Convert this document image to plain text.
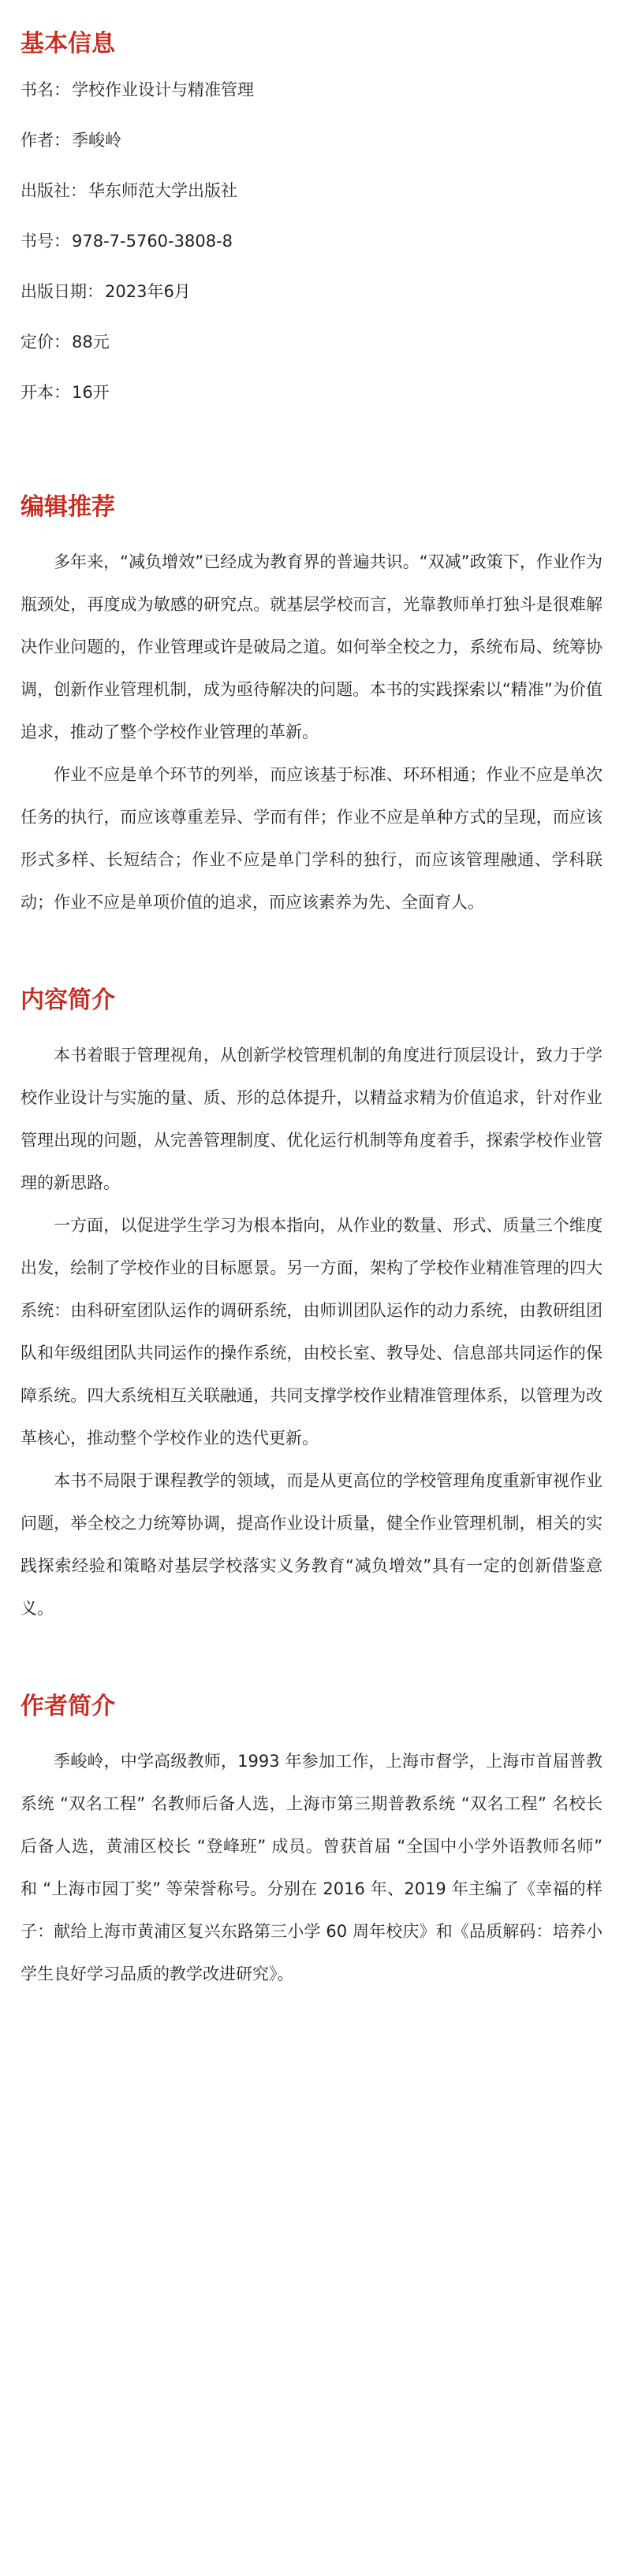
基本信息
书名：学校作业设计与精准管理
作者：季峻岭
出版社：华东师范大学出版社
书号：978-7-5760-3808-8
出版日期：2023年6月
定价：88元
开本：16开
编辑推荐

多年来，“减负增效”已经成为教育界的普遍共识。“双减”政策下，作业作为瓶颈处，再度成为敏感的研究点。就基层学校而言，光靠教师单打独斗是很难解决作业问题的，作业管理或许是破局之道。如何举全校之力，系统布局、统筹协调，创新作业管理机制，成为亟待解决的问题。本书的实践探索以“精准”为价值追求，推动了整个学校作业管理的革新。

作业不应是单个环节的列举，而应该基于标准、环环相通；作业不应是单次任务的执行，而应该尊重差异、学而有伴；作业不应是单种方式的呈现，而应该形式多样、长短结合；作业不应是单门学科的独行，而应该管理融通、学科联动；作业不应是单项价值的追求，而应该素养为先、全面育人。

内容简介

本书着眼于管理视角，从创新学校管理机制的角度进行顶层设计，致力于学校作业设计与实施的量、质、形的总体提升，以精益求精为价值追求，针对作业管理出现的问题，从完善管理制度、优化运行机制等角度着手，探索学校作业管理的新思路。

一方面，以促进学生学习为根本指向，从作业的数量、形式、质量三个维度出发，绘制了学校作业的目标愿景。另一方面，架构了学校作业精准管理的四大系统：由科研室团队运作的调研系统，由师训团队运作的动力系统，由教研组团队和年级组团队共同运作的操作系统，由校长室、教导处、信息部共同运作的保障系统。四大系统相互关联融通，共同支撑学校作业精准管理体系，以管理为改革核心，推动整个学校作业的迭代更新。

本书不局限于课程教学的领域，而是从更高位的学校管理角度重新审视作业问题，举全校之力统筹协调，提高作业设计质量，健全作业管理机制，相关的实践探索经验和策略对基层学校落实义务教育“减负增效”具有一定的创新借鉴意义。

作者简介

季峻岭，中学高级教师，1993 年参加工作，上海市督学，上海市首届普教系统 “双名工程” 名教师后备人选，上海市第三期普教系统 “双名工程” 名校长后备人选，黄浦区校长 “登峰班” 成员。曾获首届 “全国中小学外语教师名师” 和 “上海市园丁奖” 等荣誉称号。分别在 2016 年、2019 年主编了《幸福的样子：献给上海市黄浦区复兴东路第三小学 60 周年校庆》和《品质解码：培养小学生良好学习品质的教学改进研究》。
